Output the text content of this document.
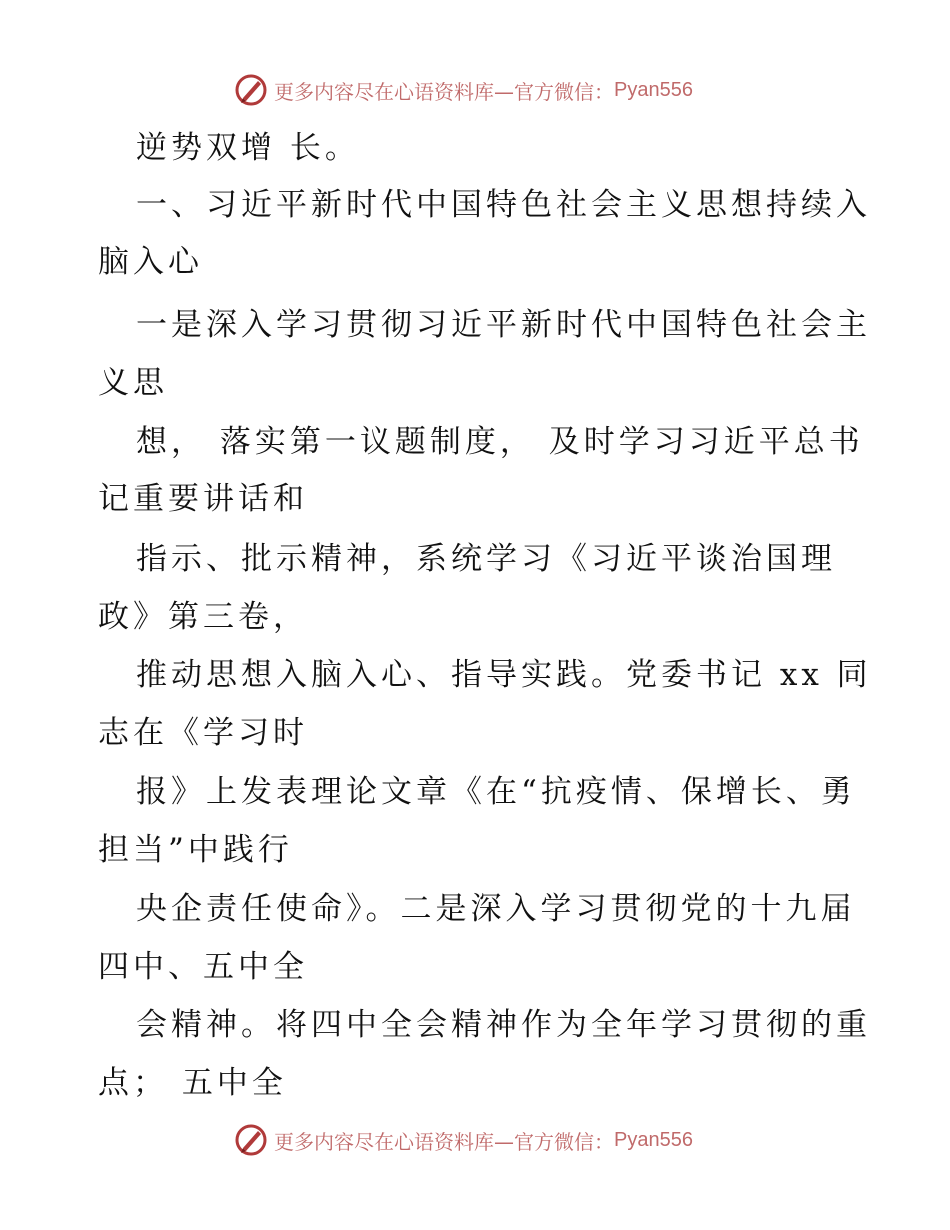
更多内容尽在心语资料库—官方微信： Pyan556
逆势双增 长。
一、习近平新时代中国特色社会主义思想持续入
脑入心
一是深入学习贯彻习近平新时代中国特色社会主
义思
想， 落实第一议题制度， 及时学习习近平总书
记重要讲话和
指示、批示精神，系统学习《习近平谈治国理
政》第三卷，
推动思想入脑入心、指导实践。党委书记 xx 同
志在《学习时
报》上发表理论文章《在“抗疫情、保增长、勇
担当”中践行
央企责任使命》。二是深入学习贯彻党的十九届
四中、五中全
会精神。将四中全会精神作为全年学习贯彻的重
点； 五中全
更多内容尽在心语资料库—官方微信： Pyan556
